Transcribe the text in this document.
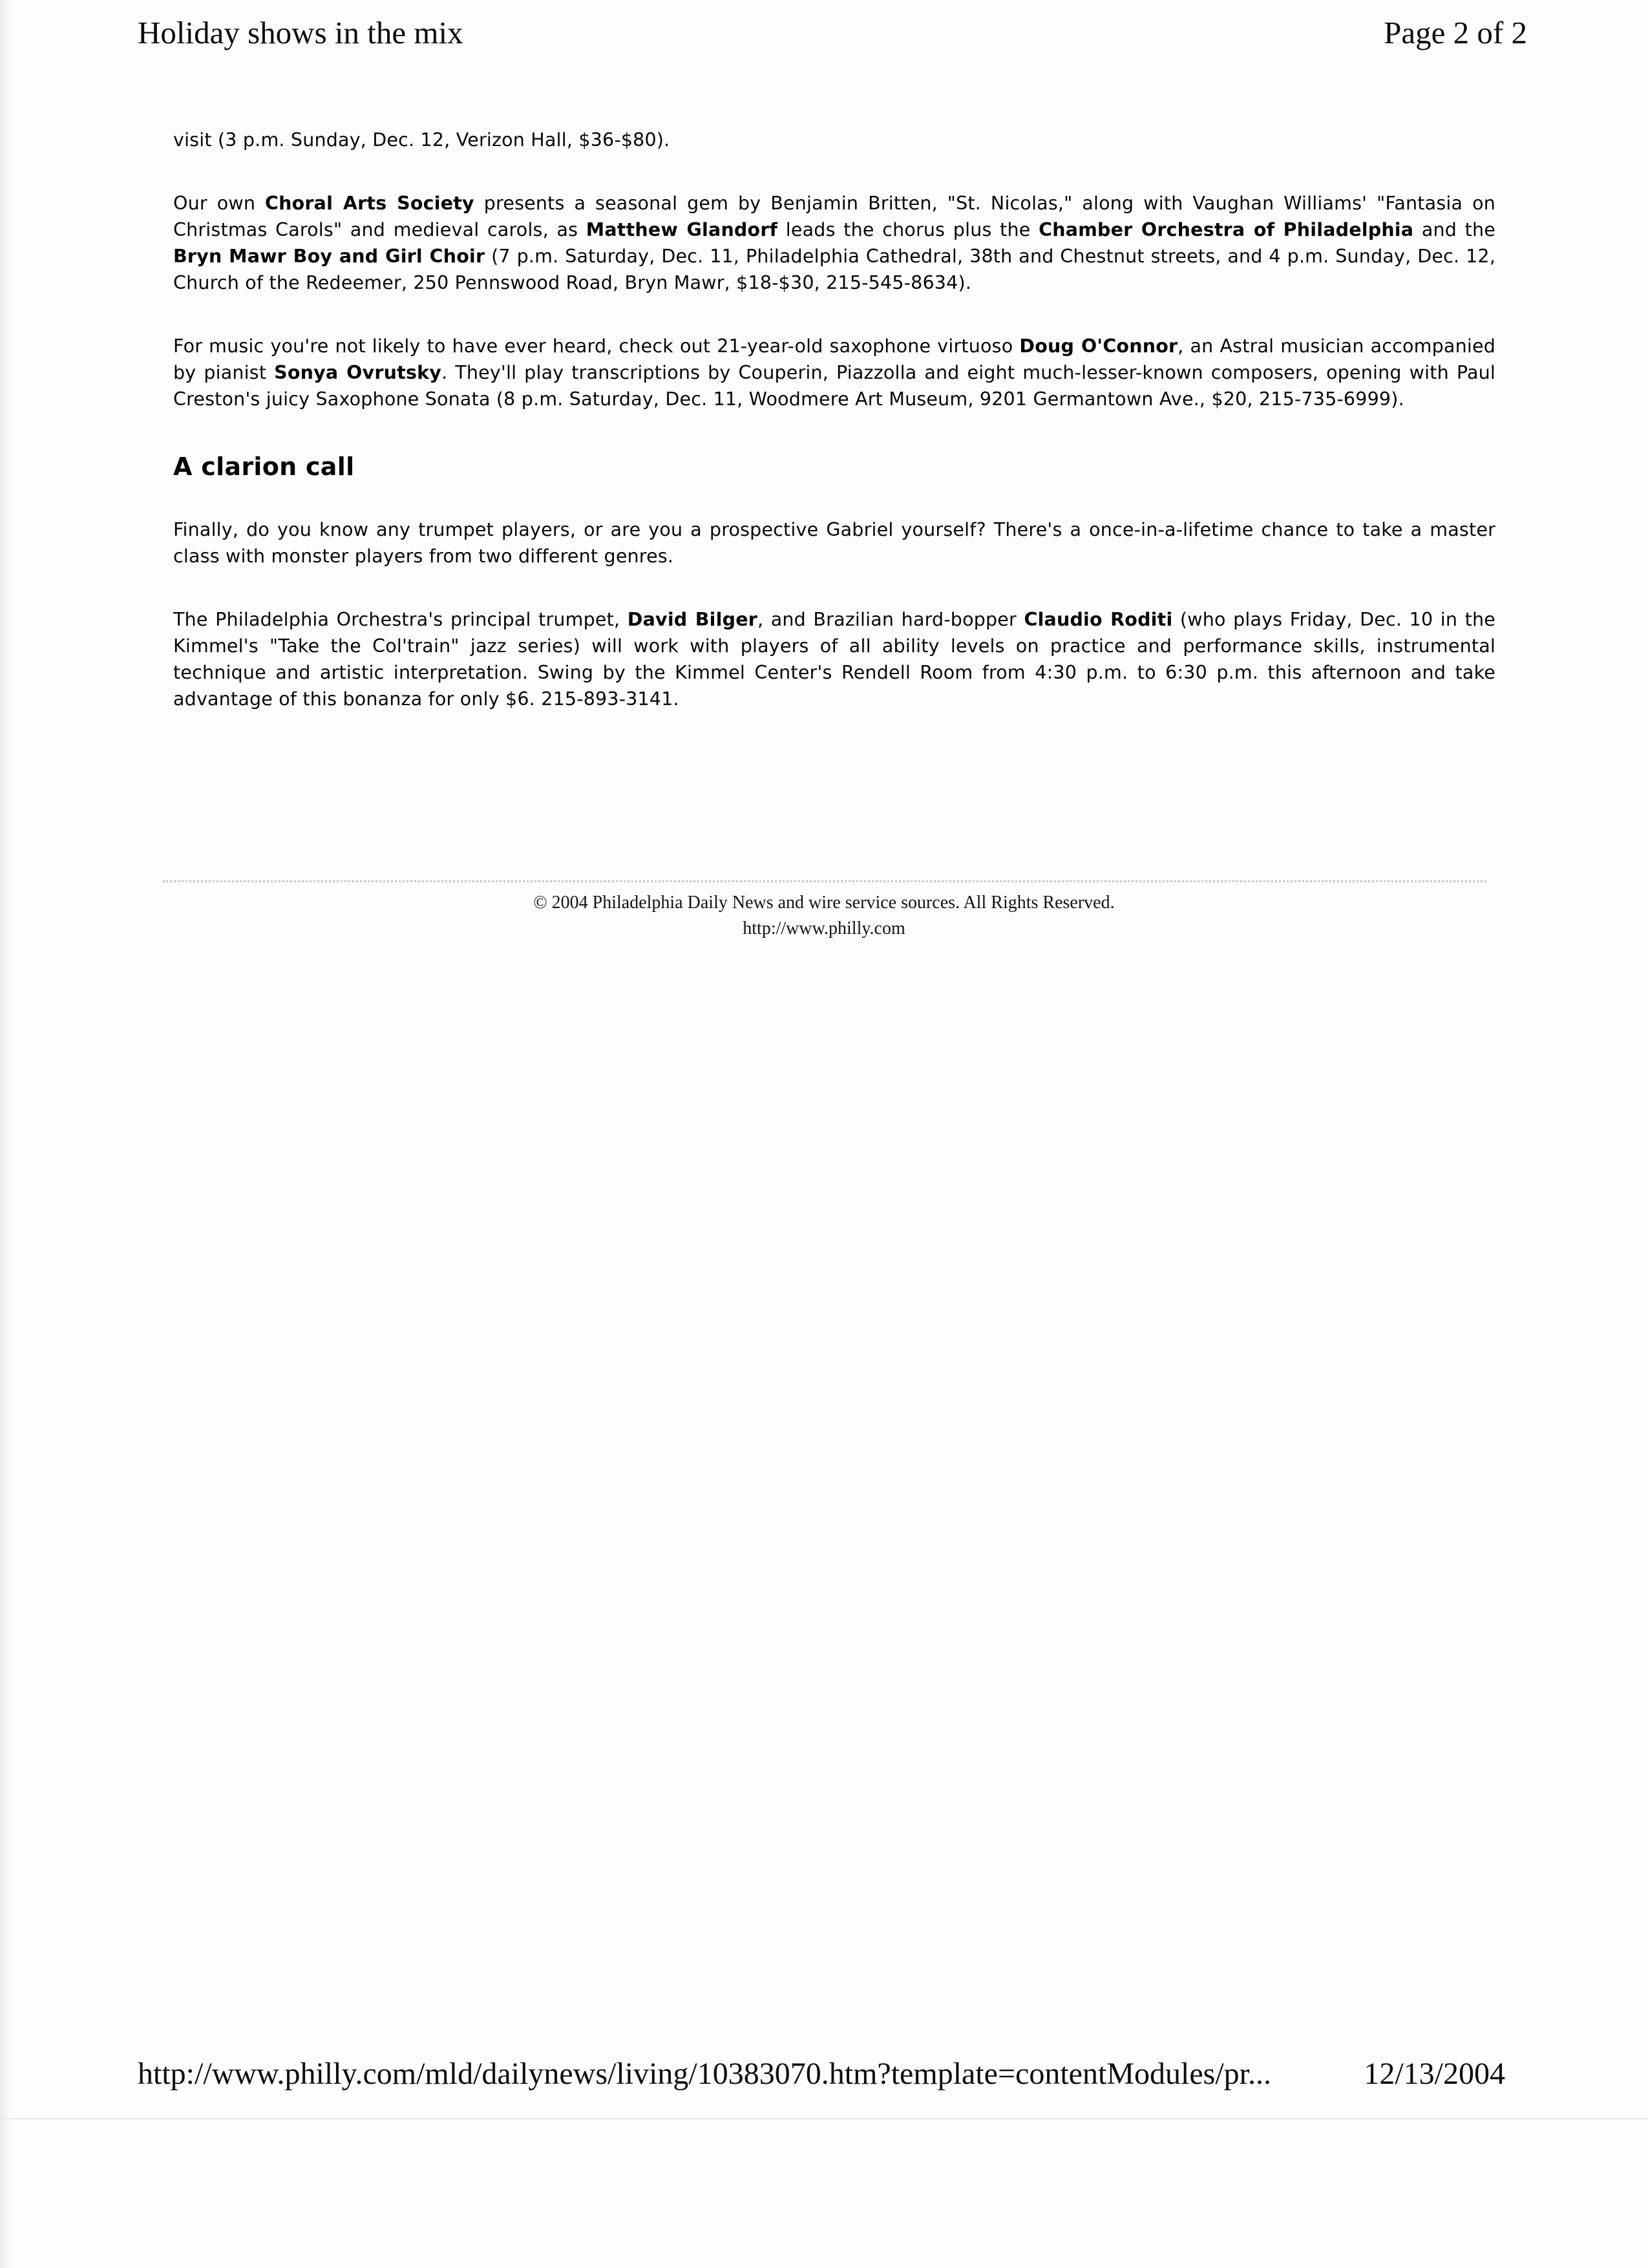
Holiday shows in the mix	Page 2 of 2

visit (3 p.m. Sunday, Dec. 12, Verizon Hall, $36-$80).

Our own Choral Arts Society presents a seasonal gem by Benjamin Britten, "St. Nicolas," along with Vaughan Williams' "Fantasia on Christmas Carols" and medieval carols, as Matthew Glandorf leads the chorus plus the Chamber Orchestra of Philadelphia and the Bryn Mawr Boy and Girl Choir (7 p.m. Saturday, Dec. 11, Philadelphia Cathedral, 38th and Chestnut streets, and 4 p.m. Sunday, Dec. 12, Church of the Redeemer, 250 Pennswood Road, Bryn Mawr, $18-$30, 215-545-8634).

For music you're not likely to have ever heard, check out 21-year-old saxophone virtuoso Doug O'Connor, an Astral musician accompanied by pianist Sonya Ovrutsky. They'll play transcriptions by Couperin, Piazzolla and eight much-lesser-known composers, opening with Paul Creston's juicy Saxophone Sonata (8 p.m. Saturday, Dec. 11, Woodmere Art Museum, 9201 Germantown Ave., $20, 215-735-6999).

A clarion call

Finally, do you know any trumpet players, or are you a prospective Gabriel yourself? There's a once-in-a-lifetime chance to take a master class with monster players from two different genres.

The Philadelphia Orchestra's principal trumpet, David Bilger, and Brazilian hard-bopper Claudio Roditi (who plays Friday, Dec. 10 in the Kimmel's "Take the Col'train" jazz series) will work with players of all ability levels on practice and performance skills, instrumental technique and artistic interpretation. Swing by the Kimmel Center's Rendell Room from 4:30 p.m. to 6:30 p.m. this afternoon and take advantage of this bonanza for only $6. 215-893-3141.

© 2004 Philadelphia Daily News and wire service sources. All Rights Reserved.
http://www.philly.com
http://www.philly.com/mld/dailynews/living/10383070.htm?template=contentModules/pr...	12/13/2004
